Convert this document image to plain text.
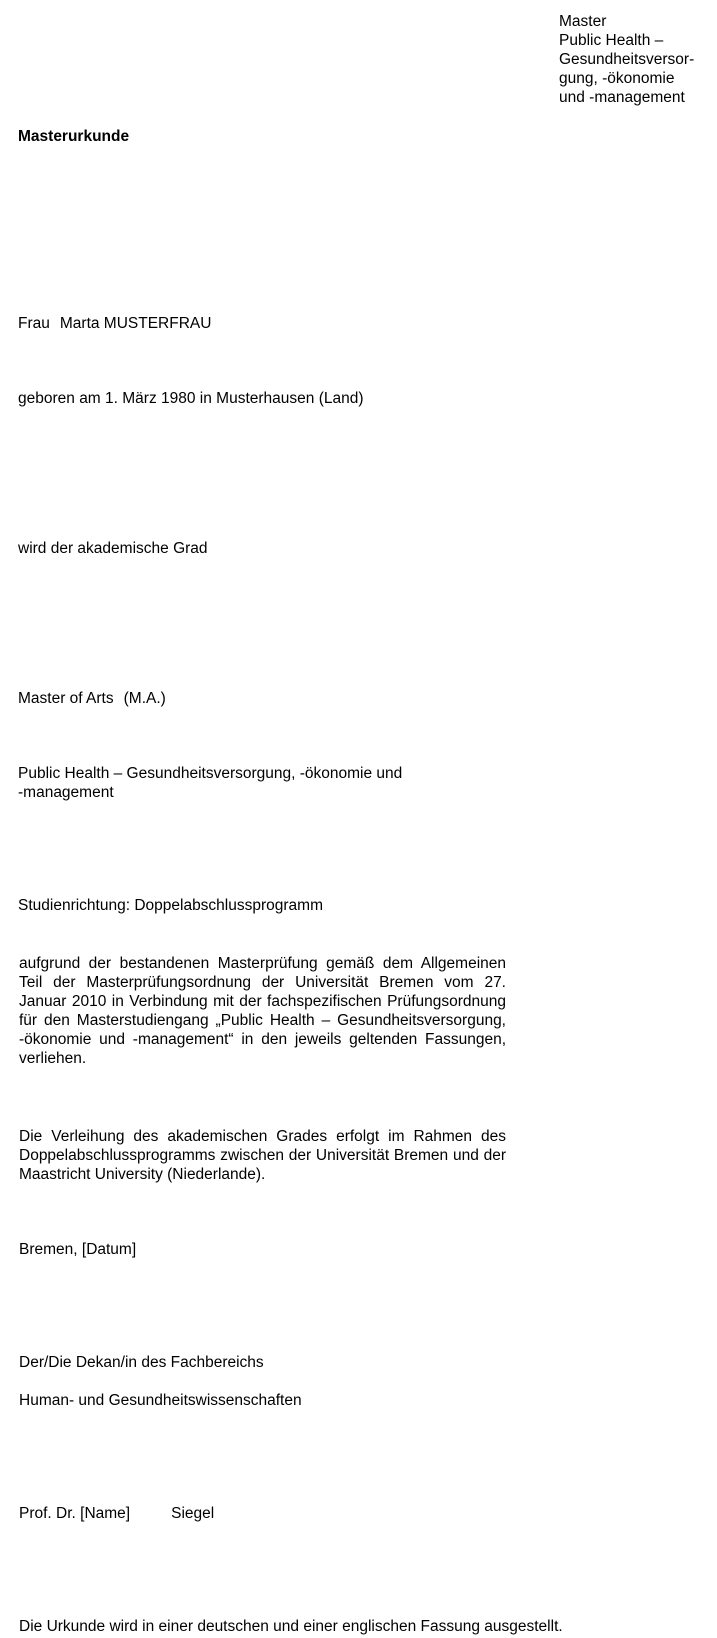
Master
Public Health –
Gesundheitsversor-
gung, -ökonomie
und -management
Masterurkunde
Frau Marta MUSTERFRAU
geboren am 1. März 1980 in Musterhausen (Land)
wird der akademische Grad
Master of Arts (M.A.)
Public Health – Gesundheitsversorgung, -ökonomie und
-management
Studienrichtung: Doppelabschlussprogramm
aufgrund der bestandenen Masterprüfung gemäß dem Allgemeinen Teil der Masterprüfungsordnung der Universität Bremen vom 27. Januar 2010 in Verbindung mit der fachspezifischen Prüfungsordnung für den Masterstudiengang „Public Health – Gesundheitsversorgung, -ökonomie und -management“ in den jeweils geltenden Fassungen, verliehen.
Die Verleihung des akademischen Grades erfolgt im Rahmen des Doppelabschlussprogramms zwischen der Universität Bremen und der Maastricht University (Niederlande).
Bremen, [Datum]
Der/Die Dekan/in des Fachbereichs
Human- und Gesundheitswissenschaften
Prof. Dr. [Name]	Siegel
Die Urkunde wird in einer deutschen und einer englischen Fassung ausgestellt.
